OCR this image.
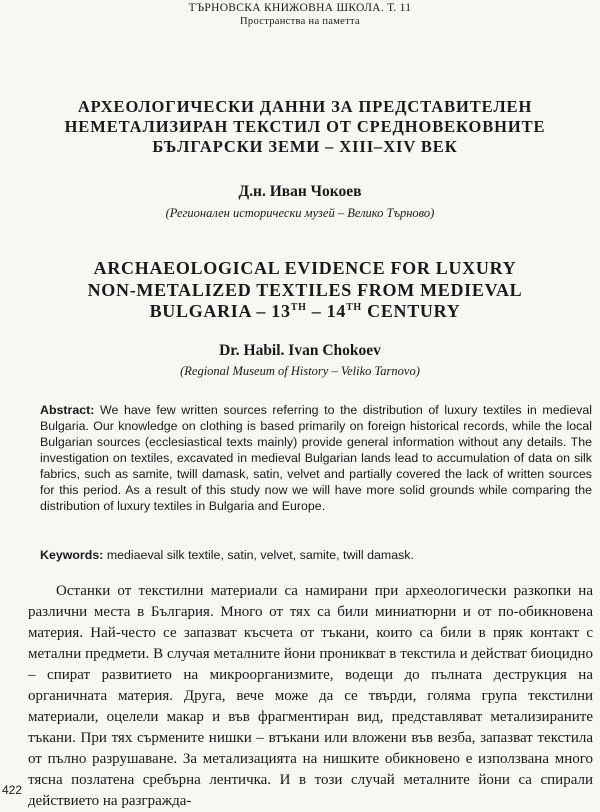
ТЪРНОВСКА КНИЖОВНА ШКОЛА. Т. 11
Пространства на паметта
АРХЕОЛОГИЧЕСКИ ДАННИ ЗА ПРЕДСТАВИТЕЛЕН
НЕМЕТАЛИЗИРАН ТЕКСТИЛ ОТ СРЕДНОВЕКОВНИТЕ
БЪЛГАРСКИ ЗЕМИ – XIII–XIV ВЕК
Д.н. Иван Чокоев
(Регионален исторически музей – Велико Търново)
ARCHAEOLOGICAL EVIDENCE FOR LUXURY
NON-METALIZED TEXTILES FROM MEDIEVAL
BULGARIA – 13TH – 14TH CENTURY
Dr. Habil. Ivan Chokoev
(Regional Museum of History – Veliko Tarnovo)
Abstract: We have few written sources referring to the distribution of luxury textiles in medieval Bulgaria. Our knowledge on clothing is based primarily on foreign historical records, while the local Bulgarian sources (ecclesiastical texts mainly) provide general information without any details. The investigation on textiles, excavated in medieval Bulgarian lands lead to accumulation of data on silk fabrics, such as samite, twill damask, satin, velvet and partially covered the lack of written sources for this period. As a result of this study now we will have more solid grounds while comparing the distribution of luxury textiles in Bulgaria and Europe.
Keywords: mediaeval silk textile, satin, velvet, samite, twill damask.
Останки от текстилни материали са намирани при археологически разкопки на различни места в България. Много от тях са били миниатюрни и от по-обикновена материя. Най-често се запазват късчета от тъкани, които са били в пряк контакт с метални предмети. В случая металните йони проникват в текстила и действат биоцидно – спират развитието на микроорганизмите, водещи до пълната деструкция на органичната материя. Друга, вече може да се твърди, голяма група текстилни материали, оцелели макар и във фрагментиран вид, представляват метализираните тъкани. При тях сърмените нишки – втъкани или вложени във везба, запазват текстила от пълно разрушаване. За метализацията на нишките обикновено е използвана много тясна позлатена сребърна лентичка. И в този случай металните йони са спирали действието на разграждa-
422
